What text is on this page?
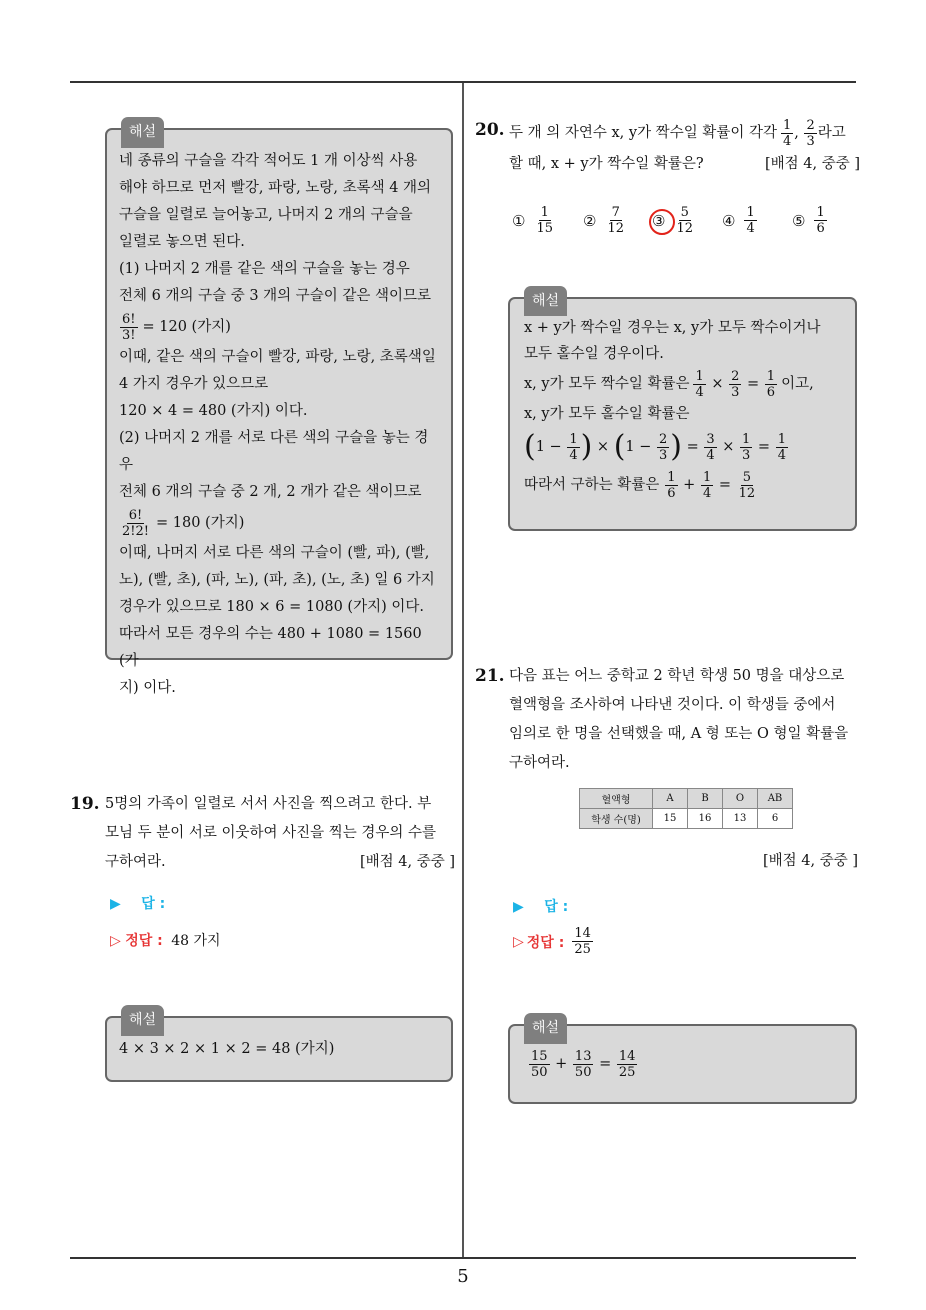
5
해설
네 종류의 구슬을 각각 적어도 1 개 이상씩 사용
해야 하므로 먼저 빨강, 파랑, 노랑, 초록색 4 개의
구슬을 일렬로 늘어놓고, 나머지 2 개의 구슬을
일렬로 놓으면 된다.
(1) 나머지 2 개를 같은 색의 구슬을 놓는 경우
전체 6 개의 구슬 중 3 개의 구슬이 같은 색이므로
$\frac{6!}{3!} = 120$ (가지)
이때, 같은 색의 구슬이 빨강, 파랑, 노랑, 초록색일
4 가지 경우가 있으므로
120 × 4 = 480 (가지) 이다.
(2) 나머지 2 개를 서로 다른 색의 구슬을 놓는 경우
전체 6 개의 구슬 중 2 개, 2 개가 같은 색이므로
$\frac{6!}{2!2!} = 180$ (가지)
이때, 나머지 서로 다른 색의 구슬이 (빨, 파), (빨,
노), (빨, 초), (파, 노), (파, 초), (노, 초) 일 6 가지
경우가 있으므로 180 × 6 = 1080 (가지) 이다.
따라서 모든 경우의 수는 480 + 1080 = 1560 (가
지) 이다.
19. 5명의 가족이 일렬로 서서 사진을 찍으려고 한다. 부
모님 두 분이 서로 이웃하여 사진을 찍는 경우의 수를
구하여라.	[배점 4, 중중 ]
▶ 답 :
▷ 정답 : 48 가지
해설
4 × 3 × 2 × 1 × 2 = 48 (가지)
20. 두 개 의 자연수 x, y가 짝수일 확률이 각각 $\frac{1}{4}$ , $\frac{2}{3}$ 라고
할 때, x + y가 짝수일 확률은?	[배점 4, 중중 ]
① $\frac{1}{15}$ ② $\frac{7}{12}$ ③ $\frac{5}{12}$ ④ $\frac{1}{4}$ ⑤ $\frac{1}{6}$
해설
x + y가 짝수일 경우는 x, y가 모두 짝수이거나
모두 홀수일 경우이다.
x, y가 모두 짝수일 확률은 $\frac{1}{4} \times \frac{2}{3} = \frac{1}{6}$ 이고,
x, y가 모두 홀수일 확률은
( $1 - \frac{1}{4}$ ) × ( $1 - \frac{2}{3}$ ) = $\frac{3}{4} \times \frac{1}{3} = \frac{1}{4}$
따라서 구하는 확률은 $\frac{1}{6} + \frac{1}{4} = \frac{5}{12}$
21. 다음 표는 어느 중학교 2 학년 학생 50 명을 대상으로
혈액형을 조사하여 나타낸 것이다. 이 학생들 중에서
임의로 한 명을 선택했을 때, A 형 또는 O 형일 확률을
구하여라.
혈액형	A	B	O	AB
학생 수(명)	15	16	13	6
[배점 4, 중중 ]
▶ 답 :
▷ 정답 : $\frac{14}{25}$
해설
$\frac{15}{50} + \frac{13}{50} = \frac{14}{25}$
